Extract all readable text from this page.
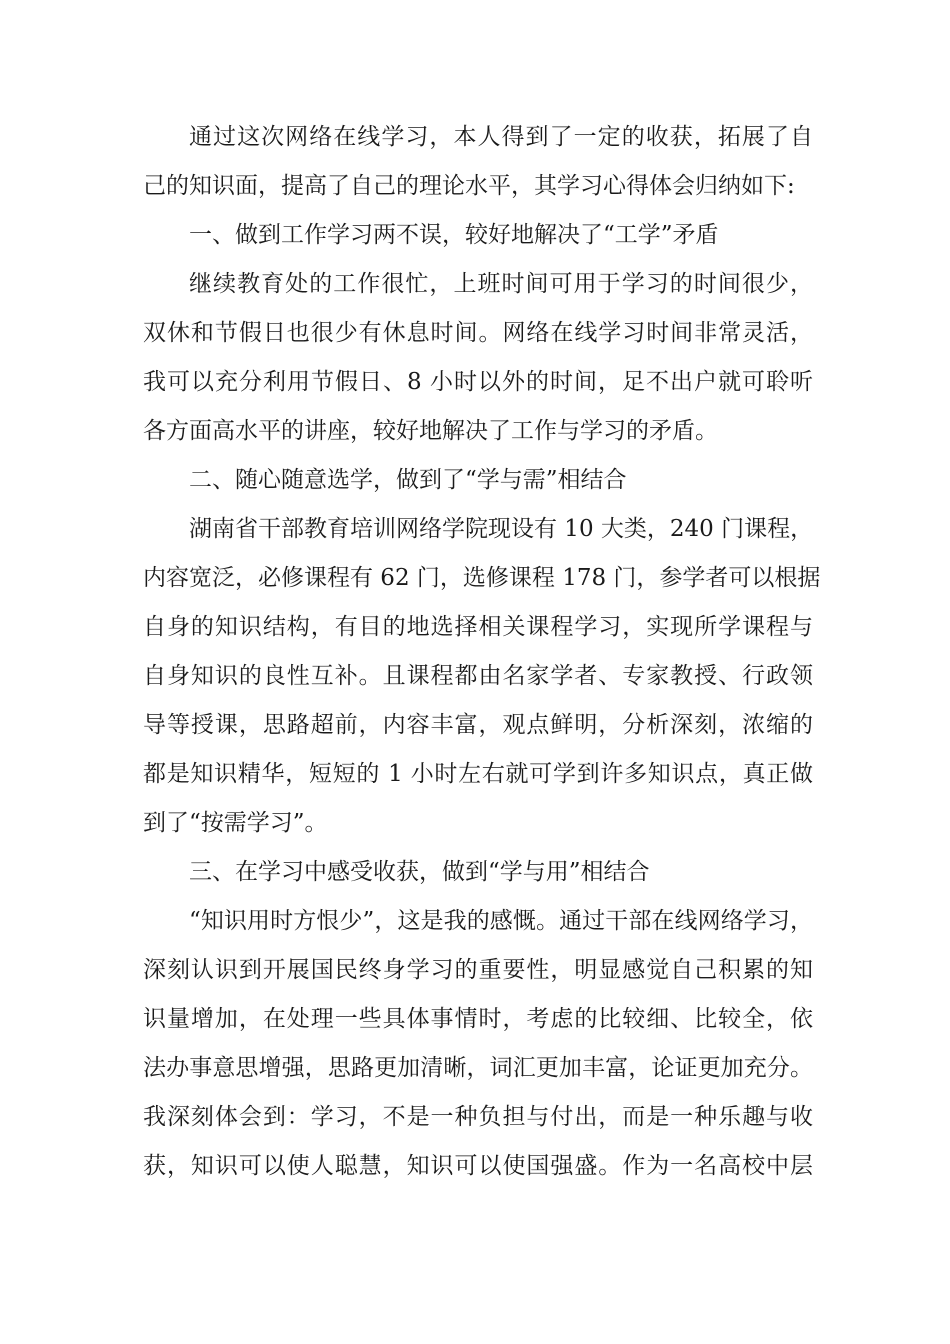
通过这次网络在线学习，本人得到了一定的收获，拓展了自
己的知识面，提高了自己的理论水平，其学习心得体会归纳如下:
一、做到工作学习两不误，较好地解决了“工学”矛盾
继续教育处的工作很忙，上班时间可用于学习的时间很少，
双休和节假日也很少有休息时间。网络在线学习时间非常灵活，
我可以充分利用节假日、8 小时以外的时间，足不出户就可聆听
各方面高水平的讲座，较好地解决了工作与学习的矛盾。
二、随心随意选学，做到了“学与需”相结合
湖南省干部教育培训网络学院现设有 10 大类，240 门课程，
内容宽泛，必修课程有 62 门，选修课程 178 门，参学者可以根据
自身的知识结构，有目的地选择相关课程学习，实现所学课程与
自身知识的良性互补。且课程都由名家学者、专家教授、行政领
导等授课，思路超前，内容丰富，观点鲜明，分析深刻，浓缩的
都是知识精华，短短的 1 小时左右就可学到许多知识点，真正做
到了“按需学习”。
三、在学习中感受收获，做到“学与用”相结合
“知识用时方恨少”，这是我的感慨。通过干部在线网络学习，
深刻认识到开展国民终身学习的重要性，明显感觉自己积累的知
识量增加，在处理一些具体事情时，考虑的比较细、比较全，依
法办事意思增强，思路更加清晰，词汇更加丰富，论证更加充分。
我深刻体会到：学习，不是一种负担与付出，而是一种乐趣与收
获，知识可以使人聪慧，知识可以使国强盛。作为一名高校中层
